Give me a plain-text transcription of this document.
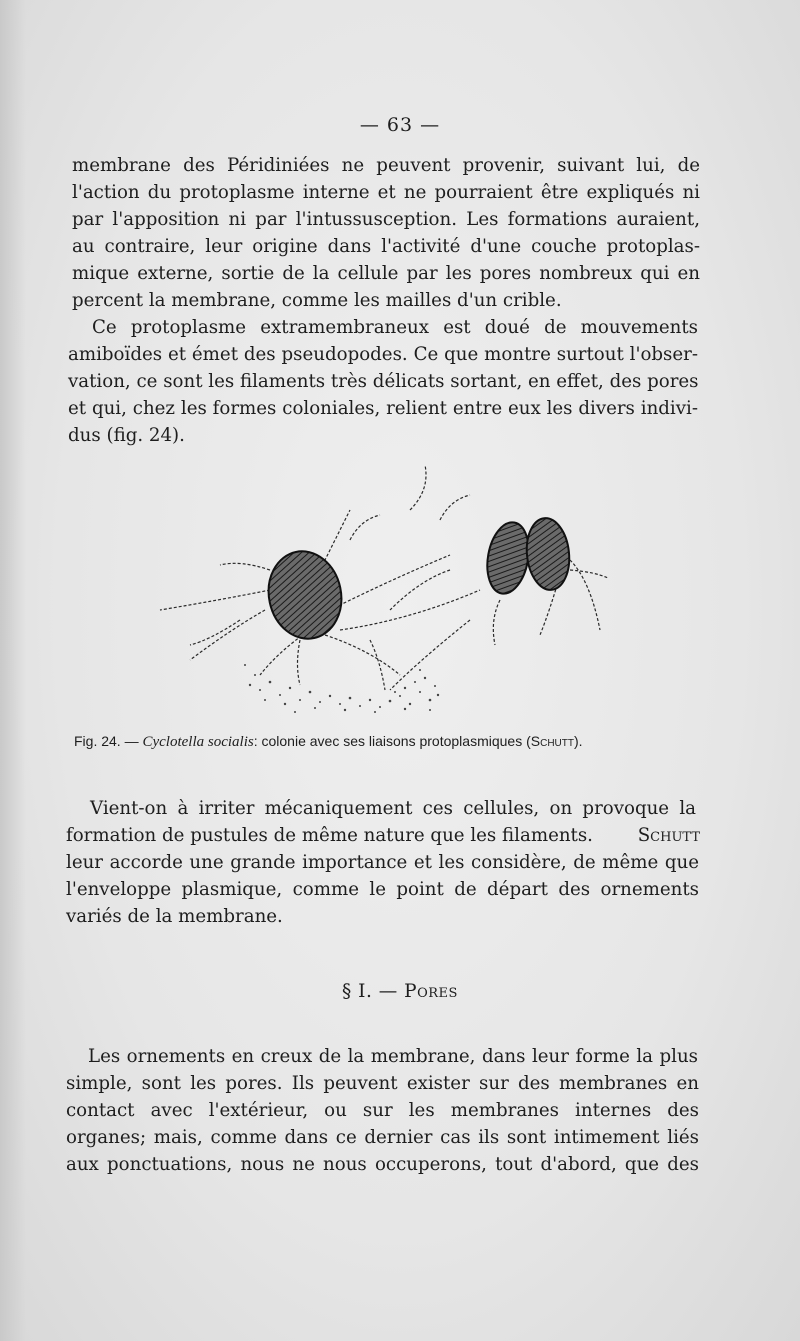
— 63 —

membrane des Péridiniées ne peuvent provenir, suivant lui, de

l'action du protoplasme interne et ne pourraient être expliqués ni

par l'apposition ni par l'intussusception. Les formations auraient,

au contraire, leur origine dans l'activité d'une couche protoplas-

mique externe, sortie de la cellule par les pores nombreux qui en

percent la membrane, comme les mailles d'un crible.

Ce protoplasme extramembraneux est doué de mouvements

amiboïdes et émet des pseudopodes. Ce que montre surtout l'obser-

vation, ce sont les filaments très délicats sortant, en effet, des pores

et qui, chez les formes coloniales, relient entre eux les divers indivi-

dus (fig. 24).

Fig. 24. — Cyclotella socialis: colonie avec ses liaisons protoplasmiques (Schutt).

Vient-on à irriter mécaniquement ces cellules, on provoque la

formation de pustules de même nature que les filaments. Schutt

leur accorde une grande importance et les considère, de même que

l'enveloppe plasmique, comme le point de départ des ornements

variés de la membrane.

§ I. — Pores

Les ornements en creux de la membrane, dans leur forme la plus

simple, sont les pores. Ils peuvent exister sur des membranes en

contact avec l'extérieur, ou sur les membranes internes des

organes; mais, comme dans ce dernier cas ils sont intimement liés

aux ponctuations, nous ne nous occuperons, tout d'abord, que des
